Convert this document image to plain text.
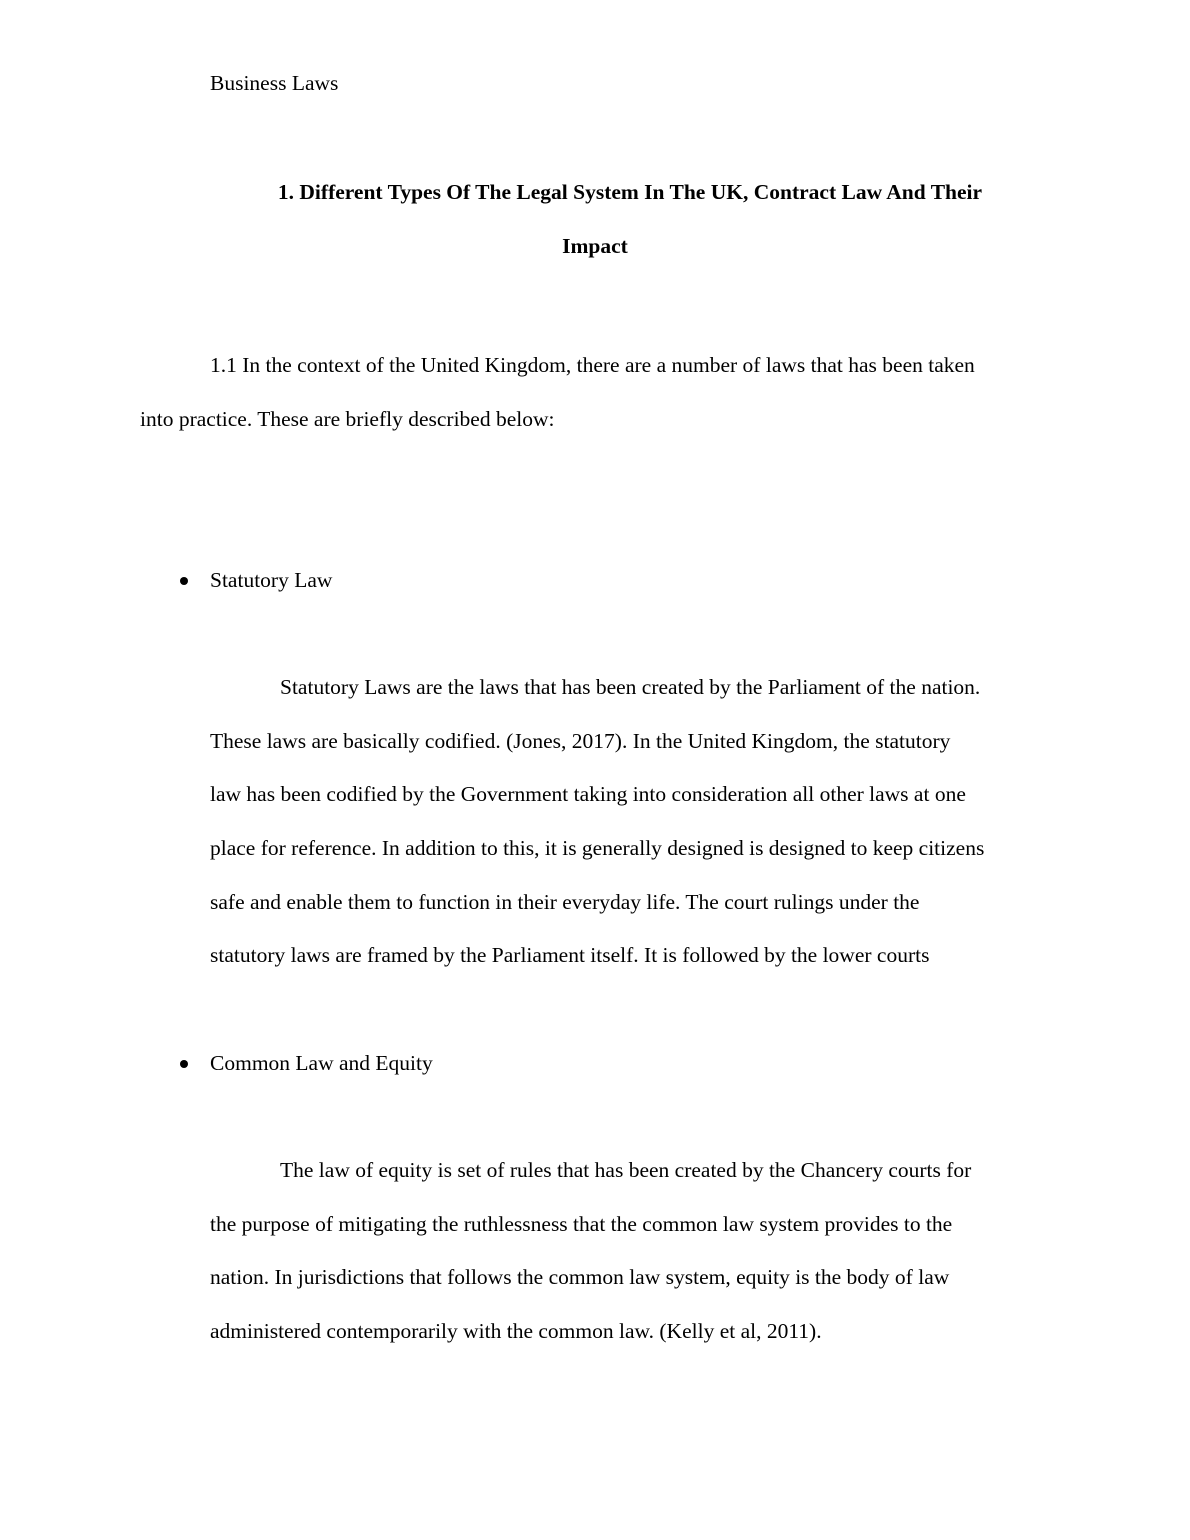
Business Laws
1. Different Types Of The Legal System In The UK, Contract Law And Their
Impact
1.1 In the context of the United Kingdom, there are a number of laws that has been taken
into practice. These are briefly described below:
Statutory Law
Statutory Laws are the laws that has been created by the Parliament of the nation.
These laws are basically codified. (Jones, 2017). In the United Kingdom, the statutory
law has been codified by the Government taking into consideration all other laws at one
place for reference. In addition to this, it is generally designed is designed to keep citizens
safe and enable them to function in their everyday life. The court rulings under the
statutory laws are framed by the Parliament itself. It is followed by the lower courts
Common Law and Equity
The law of equity is set of rules that has been created by the Chancery courts for
the purpose of mitigating the ruthlessness that the common law system provides to the
nation. In jurisdictions that follows the common law system, equity is the body of law
administered contemporarily with the common law. (Kelly et al, 2011).
